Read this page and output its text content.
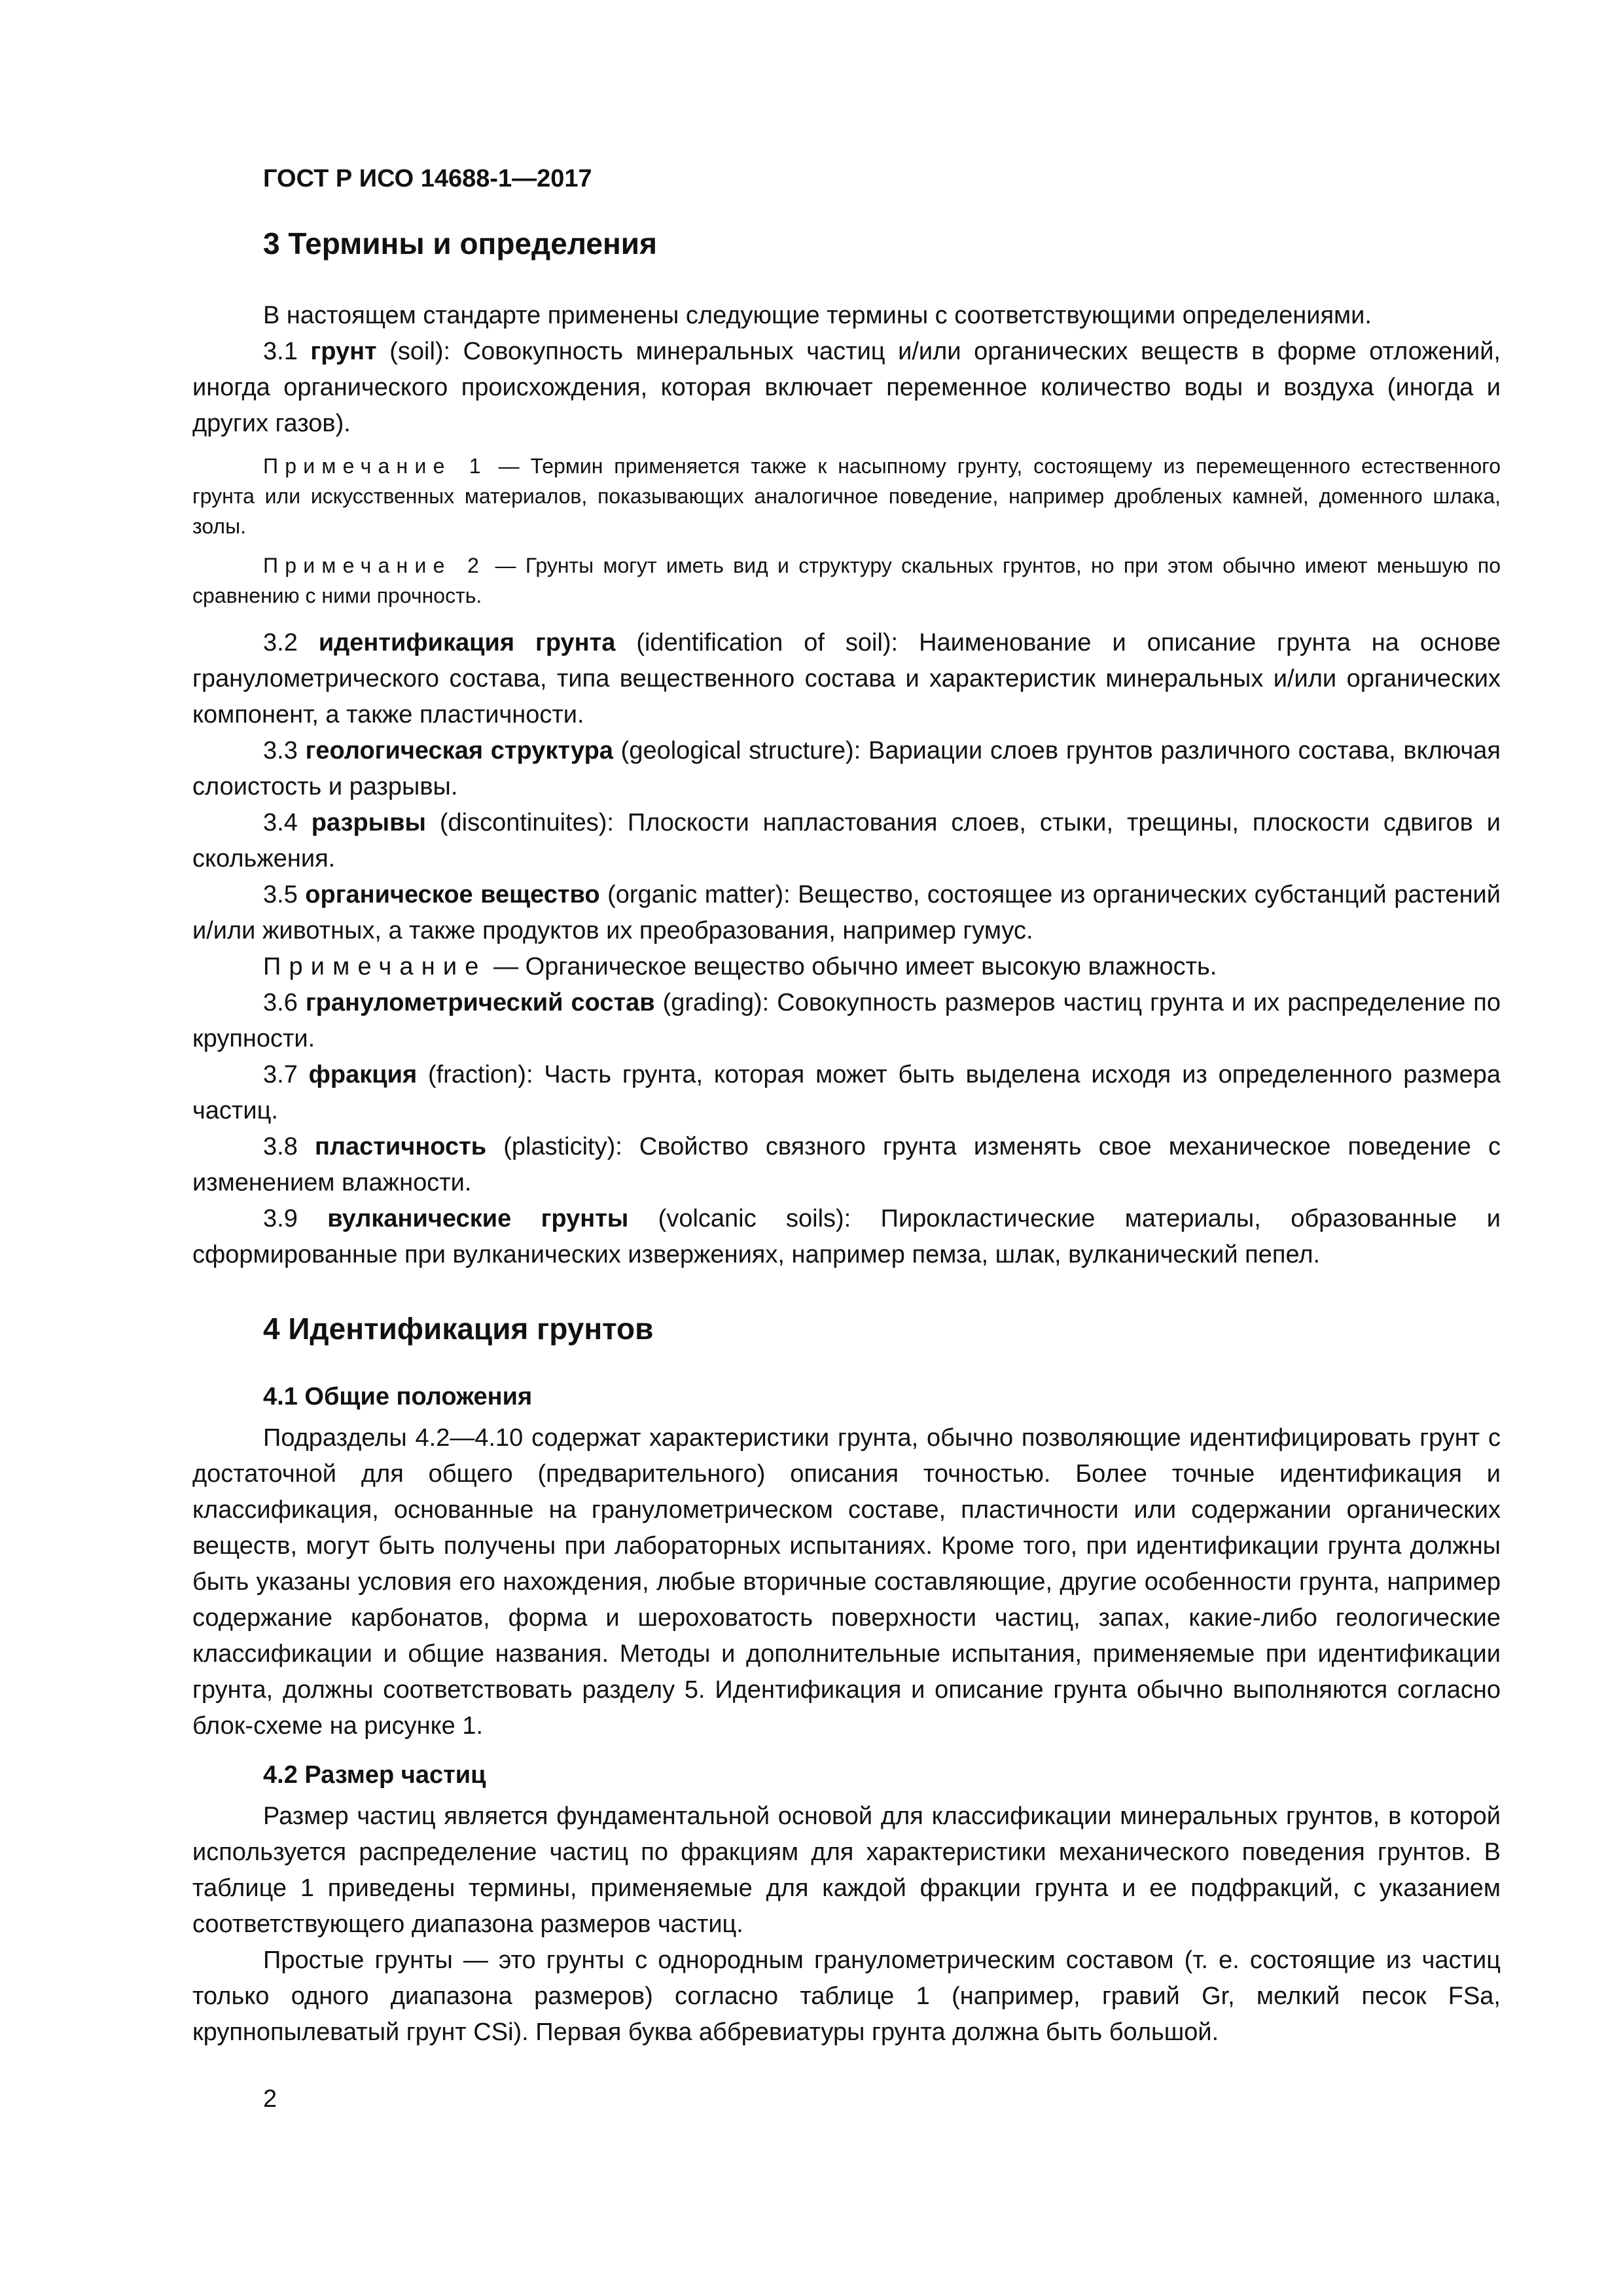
ГОСТ Р ИСО 14688-1—2017

3 Термины и определения

В настоящем стандарте применены следующие термины с соответствующими определениями.

3.1 грунт (soil): Совокупность минеральных частиц и/или органических веществ в форме отложений, иногда органического происхождения, которая включает переменное количество воды и воздуха (иногда и других газов).

Примечание 1 — Термин применяется также к насыпному грунту, состоящему из перемещенного естественного грунта или искусственных материалов, показывающих аналогичное поведение, например дробленых камней, доменного шлака, золы.

Примечание 2 — Грунты могут иметь вид и структуру скальных грунтов, но при этом обычно имеют меньшую по сравнению с ними прочность.

3.2 идентификация грунта (identification of soil): Наименование и описание грунта на основе гранулометрического состава, типа вещественного состава и характеристик минеральных и/или органических компонент, а также пластичности.

3.3 геологическая структура (geological structure): Вариации слоев грунтов различного состава, включая слоистость и разрывы.

3.4 разрывы (discontinuites): Плоскости напластования слоев, стыки, трещины, плоскости сдвигов и скольжения.

3.5 органическое вещество (organic matter): Вещество, состоящее из органических субстанций растений и/или животных, а также продуктов их преобразования, например гумус.

Примечание — Органическое вещество обычно имеет высокую влажность.

3.6 гранулометрический состав (grading): Совокупность размеров частиц грунта и их распределение по крупности.

3.7 фракция (fraction): Часть грунта, которая может быть выделена исходя из определенного размера частиц.

3.8 пластичность (plasticity): Свойство связного грунта изменять свое механическое поведение с изменением влажности.

3.9 вулканические грунты (volcanic soils): Пирокластические материалы, образованные и сформированные при вулканических извержениях, например пемза, шлак, вулканический пепел.

4 Идентификация грунтов
4.1 Общие положения

Подразделы 4.2—4.10 содержат характеристики грунта, обычно позволяющие идентифицировать грунт с достаточной для общего (предварительного) описания точностью. Более точные идентификация и классификация, основанные на гранулометрическом составе, пластичности или содержании органических веществ, могут быть получены при лабораторных испытаниях. Кроме того, при идентификации грунта должны быть указаны условия его нахождения, любые вторичные составляющие, другие особенности грунта, например содержание карбонатов, форма и шероховатость поверхности частиц, запах, какие-либо геологические классификации и общие названия. Методы и дополнительные испытания, применяемые при идентификации грунта, должны соответствовать разделу 5. Идентификация и описание грунта обычно выполняются согласно блок-схеме на рисунке 1.

4.2 Размер частиц

Размер частиц является фундаментальной основой для классификации минеральных грунтов, в которой используется распределение частиц по фракциям для характеристики механического поведения грунтов. В таблице 1 приведены термины, применяемые для каждой фракции грунта и ее подфракций, с указанием соответствующего диапазона размеров частиц.

Простые грунты — это грунты с однородным гранулометрическим составом (т. е. состоящие из частиц только одного диапазона размеров) согласно таблице 1 (например, гравий Gr, мелкий песок FSa, крупнопылеватый грунт CSi). Первая буква аббревиатуры грунта должна быть большой.

2
